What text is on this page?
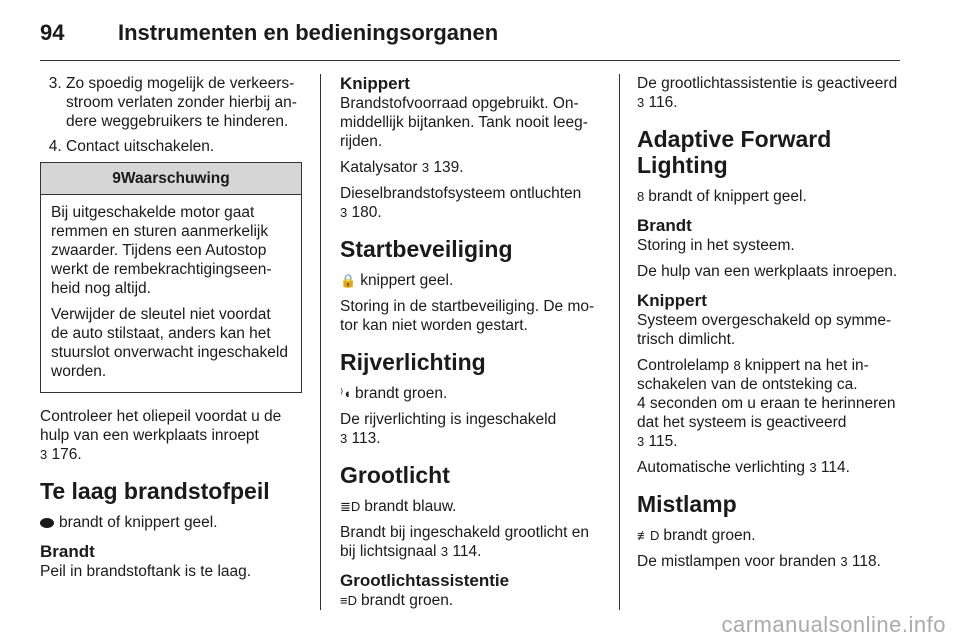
94 Instrumenten en bedieningsorganen
3. Zo spoedig mogelijk de verkeersstroom verlaten zonder hierbij andere weggebruikers te hinderen.
4. Contact uitschakelen.
9Waarschuwing

Bij uitgeschakelde motor gaat remmen en sturen aanmerkelijk zwaarder. Tijdens een Autostop werkt de rembekrachtigingseenheid nog altijd.

Verwijder de sleutel niet voordat de auto stilstaat, anders kan het stuurslot onverwacht ingeschakeld worden.

Controleer het oliepeil voordat u de hulp van een werkplaats inroept
3 176.

Te laag brandstofpeil

brandt of knippert geel.

Brandt

Peil in brandstoftank is te laag.

Knippert

Brandstofvoorraad opgebruikt. Onmiddellijk bijtanken. Tank nooit leegrijden.

Katalysator 3 139.

Dieselbrandstofsysteem ontluchten
3 180.

Startbeveiliging

🔒 knippert geel.

Storing in de startbeveiliging. De motor kan niet worden gestart.

Rijverlichting

⁾◖ brandt groen.

De rijverlichting is ingeschakeld
3 113.

Grootlicht

≣D brandt blauw.

Brandt bij ingeschakeld grootlicht en bij lichtsignaal 3 114.

Grootlichtassistentie

≡D brandt groen.

De grootlichtassistentie is geactiveerd 3 116.

Adaptive Forward Lighting

8 brandt of knippert geel.

Brandt

Storing in het systeem.

De hulp van een werkplaats inroepen.

Knippert

Systeem overgeschakeld op symmetrisch dimlicht.

Controlelamp 8 knippert na het inschakelen van de ontsteking ca.
4 seconden om u eraan te herinneren dat het systeem is geactiveerd
3 115.

Automatische verlichting 3 114.

Mistlamp

≢D brandt groen.

De mistlampen voor branden 3 118.

carmanualsonline.info
